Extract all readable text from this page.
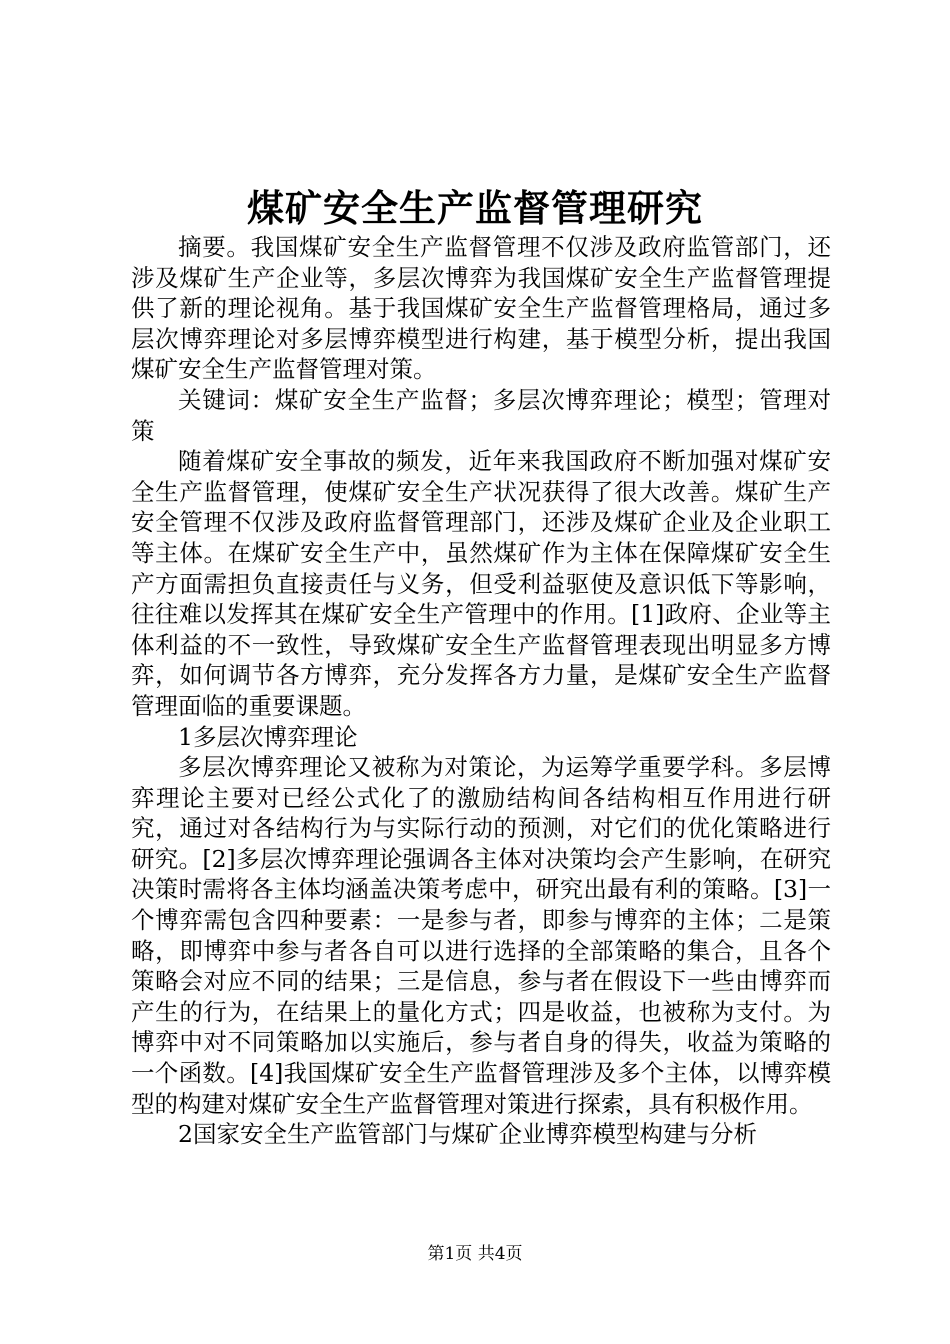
煤矿安全生产监督管理研究

摘要。我国煤矿安全生产监督管理不仅涉及政府监管部门，还涉及煤矿生产企业等，多层次博弈为我国煤矿安全生产监督管理提供了新的理论视角。基于我国煤矿安全生产监督管理格局，通过多层次博弈理论对多层博弈模型进行构建，基于模型分析，提出我国煤矿安全生产监督管理对策。

关键词：煤矿安全生产监督；多层次博弈理论；模型；管理对策

随着煤矿安全事故的频发，近年来我国政府不断加强对煤矿安全生产监督管理，使煤矿安全生产状况获得了很大改善。煤矿生产安全管理不仅涉及政府监督管理部门，还涉及煤矿企业及企业职工等主体。在煤矿安全生产中，虽然煤矿作为主体在保障煤矿安全生产方面需担负直接责任与义务，但受利益驱使及意识低下等影响，往往难以发挥其在煤矿安全生产管理中的作用。[1]政府、企业等主体利益的不一致性，导致煤矿安全生产监督管理表现出明显多方博弈，如何调节各方博弈，充分发挥各方力量，是煤矿安全生产监督管理面临的重要课题。

1多层次博弈理论

多层次博弈理论又被称为对策论，为运筹学重要学科。多层博弈理论主要对已经公式化了的激励结构间各结构相互作用进行研究，通过对各结构行为与实际行动的预测，对它们的优化策略进行研究。[2]多层次博弈理论强调各主体对决策均会产生影响，在研究决策时需将各主体均涵盖决策考虑中，研究出最有利的策略。[3]一个博弈需包含四种要素：一是参与者，即参与博弈的主体；二是策略，即博弈中参与者各自可以进行选择的全部策略的集合，且各个策略会对应不同的结果；三是信息，参与者在假设下一些由博弈而产生的行为，在结果上的量化方式；四是收益，也被称为支付。为博弈中对不同策略加以实施后，参与者自身的得失，收益为策略的一个函数。[4]我国煤矿安全生产监督管理涉及多个主体，以博弈模型的构建对煤矿安全生产监督管理对策进行探索，具有积极作用。

2国家安全生产监管部门与煤矿企业博弈模型构建与分析

第1页 共4页
